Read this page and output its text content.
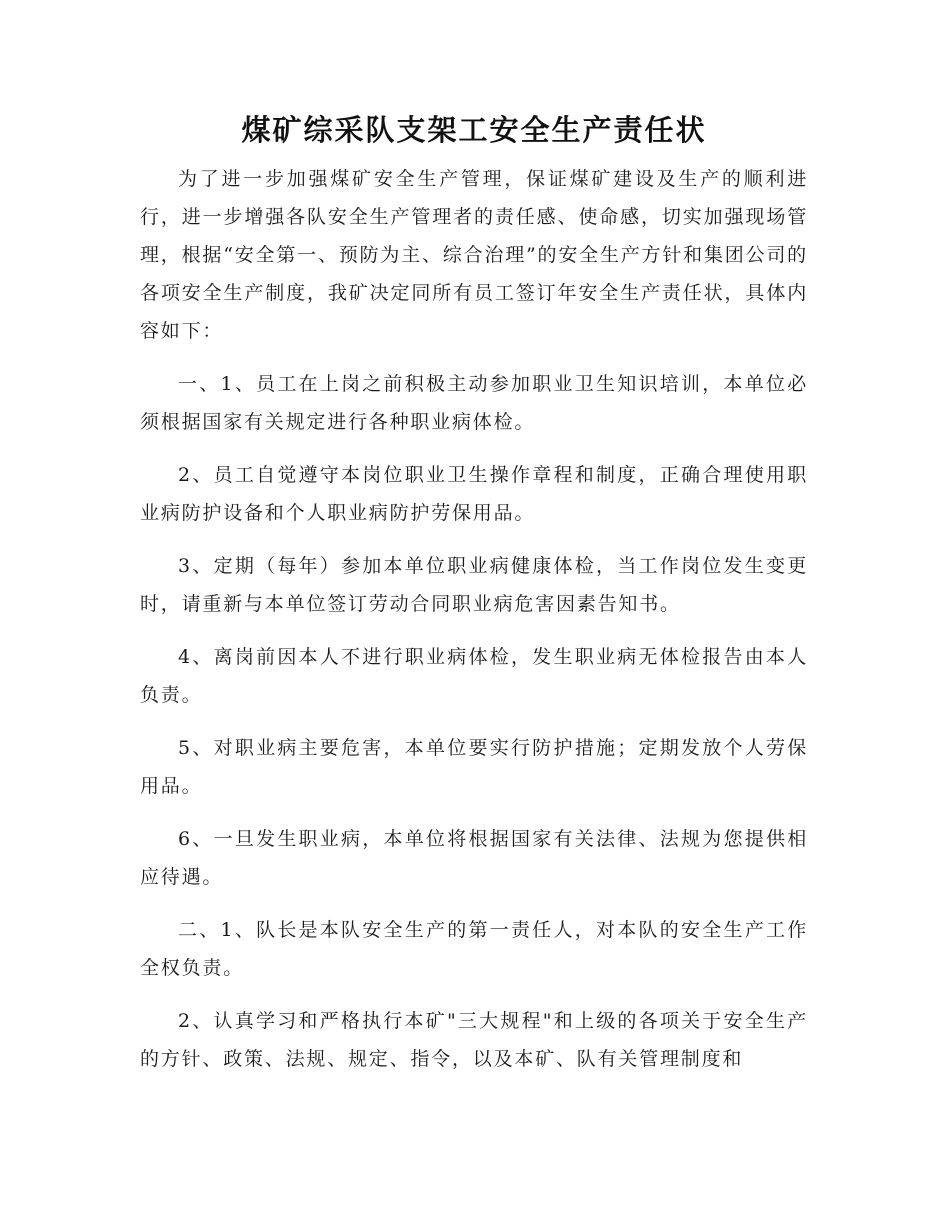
煤矿综采队支架工安全生产责任状

为了进一步加强煤矿安全生产管理，保证煤矿建设及生产的顺利进行，进一步增强各队安全生产管理者的责任感、使命感，切实加强现场管理，根据“安全第一、预防为主、综合治理”的安全生产方针和集团公司的各项安全生产制度，我矿决定同所有员工签订年安全生产责任状，具体内容如下：

一、1、员工在上岗之前积极主动参加职业卫生知识培训，本单位必须根据国家有关规定进行各种职业病体检。

2、员工自觉遵守本岗位职业卫生操作章程和制度，正确合理使用职业病防护设备和个人职业病防护劳保用品。

3、定期（每年）参加本单位职业病健康体检，当工作岗位发生变更时，请重新与本单位签订劳动合同职业病危害因素告知书。

4、离岗前因本人不进行职业病体检，发生职业病无体检报告由本人负责。

5、对职业病主要危害，本单位要实行防护措施；定期发放个人劳保用品。

6、一旦发生职业病，本单位将根据国家有关法律、法规为您提供相应待遇。

二、1、队长是本队安全生产的第一责任人，对本队的安全生产工作全权负责。

2、认真学习和严格执行本矿"三大规程"和上级的各项关于安全生产的方针、政策、法规、规定、指令，以及本矿、队有关管理制度和
